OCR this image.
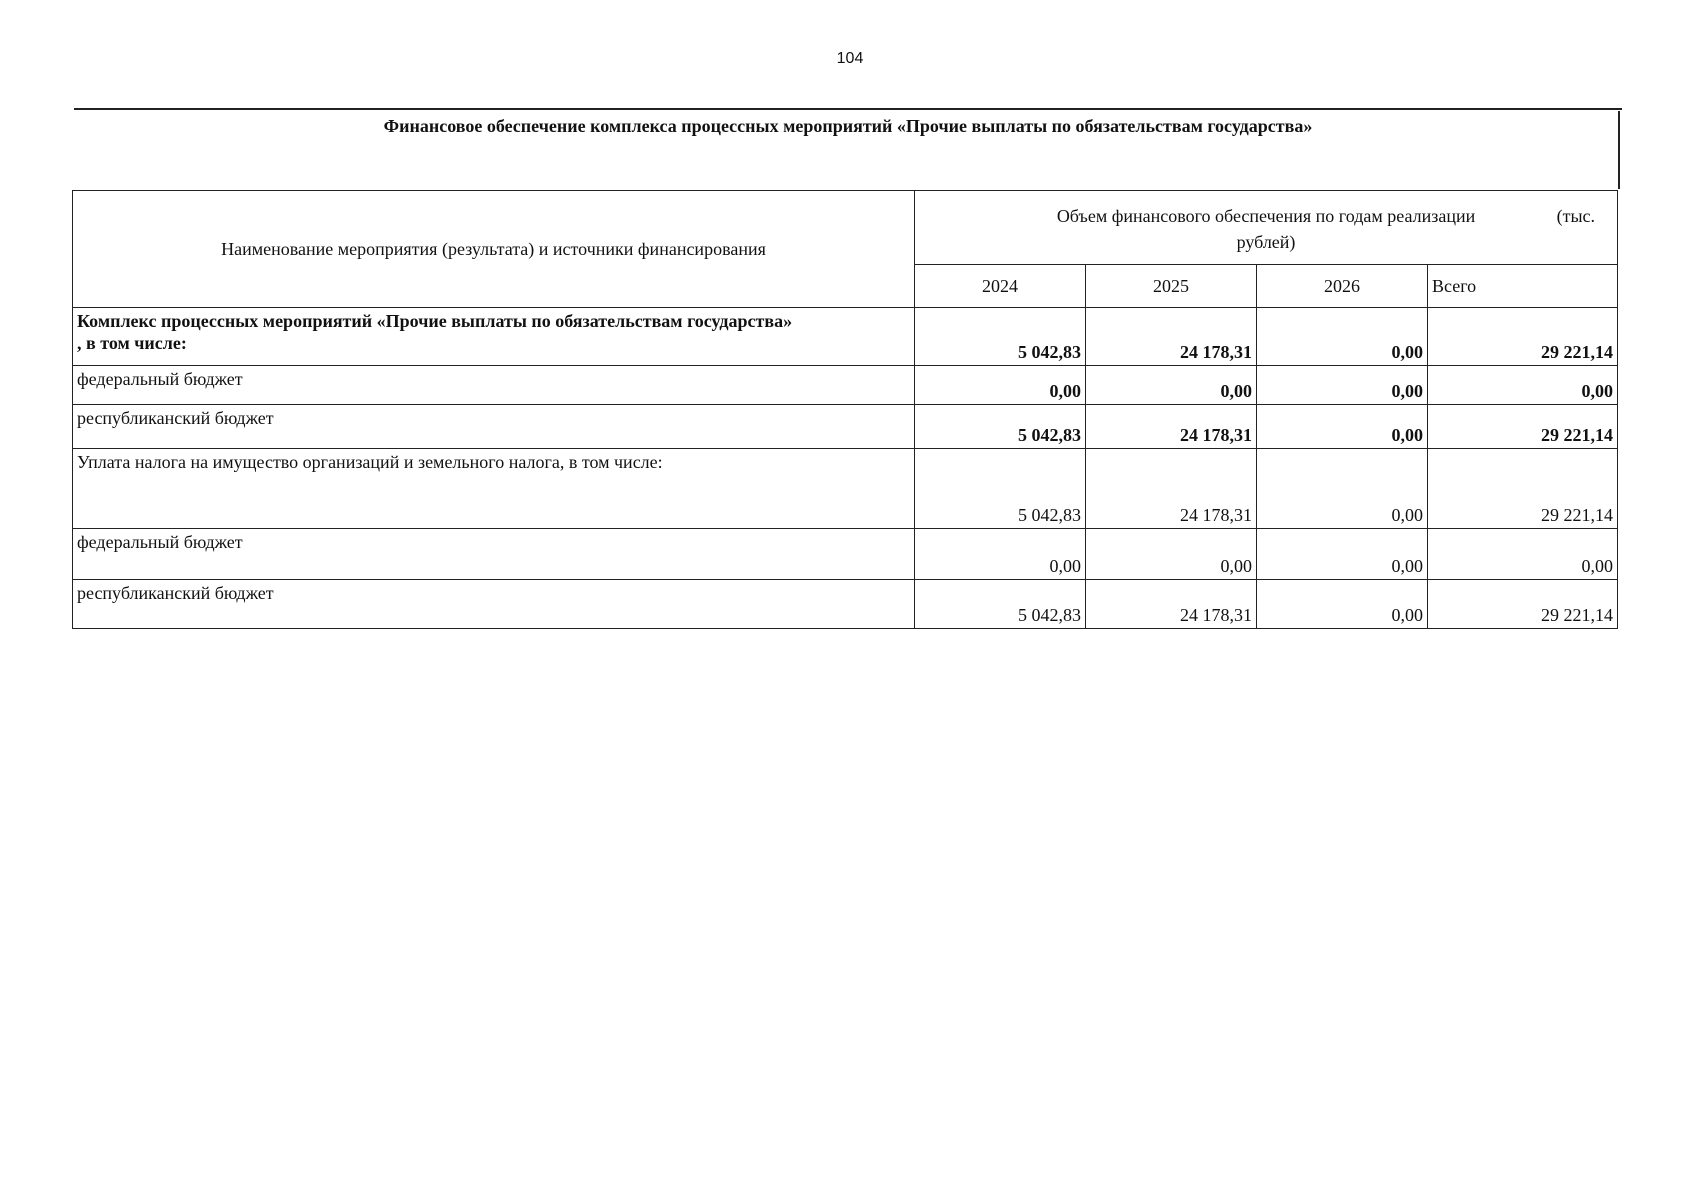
104
Финансовое обеспечение комплекса процессных мероприятий «Прочие выплаты по обязательствам государства»
Наименование мероприятия (результата) и источники финансирования	Объем финансового обеспечения по годам реализации (тыс.

рублей)			
	2024	2025	2026	Всего
Комплекс процессных мероприятий «Прочие выплаты по обязательствам государства»
, в том числе:	5 042,83	24 178,31	0,00	29 221,14
федеральный бюджет	0,00	0,00	0,00	0,00
республиканский бюджет	5 042,83	24 178,31	0,00	29 221,14
Уплата налога на имущество организаций и земельного налога, в том числе:	5 042,83	24 178,31	0,00	29 221,14
федеральный бюджет	0,00	0,00	0,00	0,00
республиканский бюджет	5 042,83	24 178,31	0,00	29 221,14
